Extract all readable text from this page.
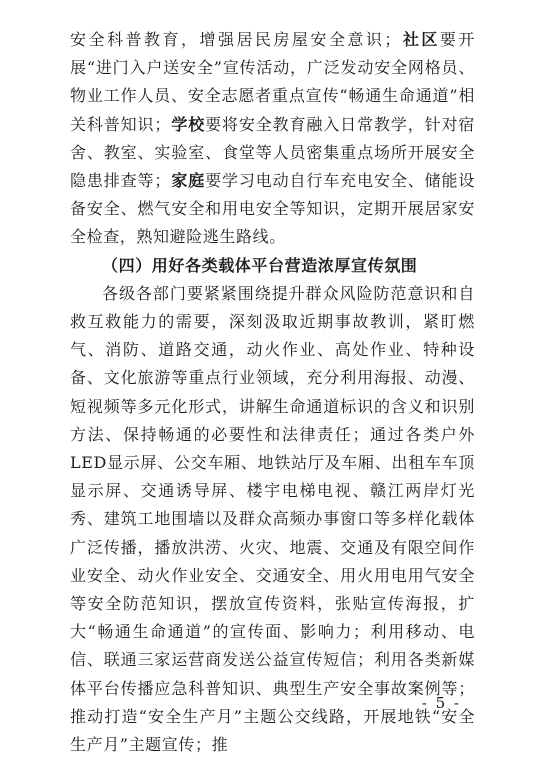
安全科普教育，增强居民房屋安全意识；社区要开展“进门入户送安全”宣传活动，广泛发动安全网格员、物业工作人员、安全志愿者重点宣传“畅通生命通道”相关科普知识；学校要将安全教育融入日常教学，针对宿舍、教室、实验室、食堂等人员密集重点场所开展安全隐患排查等；家庭要学习电动自行车充电安全、储能设备安全、燃气安全和用电安全等知识，定期开展居家安全检查，熟知避险逃生路线。

（四）用好各类载体平台营造浓厚宣传氛围

各级各部门要紧紧围绕提升群众风险防范意识和自救互救能力的需要，深刻汲取近期事故教训，紧盯燃气、消防、道路交通，动火作业、高处作业、特种设备、文化旅游等重点行业领域，充分利用海报、动漫、短视频等多元化形式，讲解生命通道标识的含义和识别方法、保持畅通的必要性和法律责任；通过各类户外LED显示屏、公交车厢、地铁站厅及车厢、出租车车顶显示屏、交通诱导屏、楼宇电梯电视、赣江两岸灯光秀、建筑工地围墙以及群众高频办事窗口等多样化载体广泛传播，播放洪涝、火灾、地震、交通及有限空间作业安全、动火作业安全、交通安全、用火用电用气安全等安全防范知识，摆放宣传资料，张贴宣传海报，扩大“畅通生命通道”的宣传面、影响力；利用移动、电信、联通三家运营商发送公益宣传短信；利用各类新媒体平台传播应急科普知识、典型生产安全事故案例等；推动打造“安全生产月”主题公交线路，开展地铁“安全生产月”主题宣传；推

- 5 -
